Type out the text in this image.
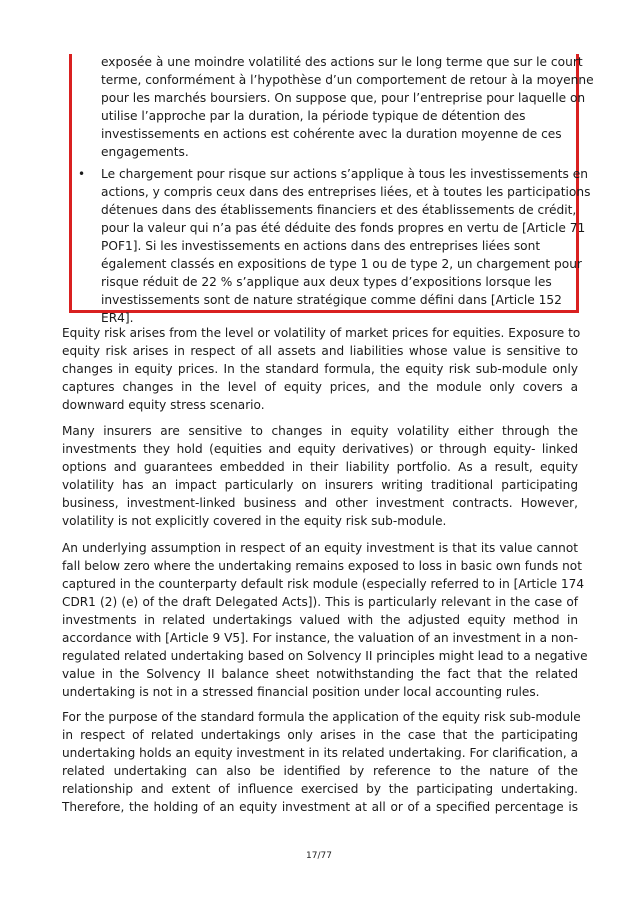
exposée à une moindre volatilité des actions sur le long terme que sur le court
terme, conformément à l’hypothèse d’un comportement de retour à la moyenne
pour les marchés boursiers. On suppose que, pour l’entreprise pour laquelle on
utilise l’approche par la duration, la période typique de détention des
investissements en actions est cohérente avec la duration moyenne de ces
engagements.
• Le chargement pour risque sur actions s’applique à tous les investissements en
actions, y compris ceux dans des entreprises liées, et à toutes les participations
détenues dans des établissements financiers et des établissements de crédit,
pour la valeur qui n’a pas été déduite des fonds propres en vertu de [Article 71
POF1]. Si les investissements en actions dans des entreprises liées sont
également classés en expositions de type 1 ou de type 2, un chargement pour
risque réduit de 22 % s’applique aux deux types d’expositions lorsque les
investissements sont de nature stratégique comme défini dans [Article 152
ER4].
Equity risk arises from the level or volatility of market prices for equities. Exposure to
equity risk arises in respect of all assets and liabilities whose value is sensitive to
changes in equity prices. In the standard formula, the equity risk sub-module only
captures changes in the level of equity prices, and the module only covers a
downward equity stress scenario.
Many insurers are sensitive to changes in equity volatility either through the
investments they hold (equities and equity derivatives) or through equity- linked
options and guarantees embedded in their liability portfolio. As a result, equity
volatility has an impact particularly on insurers writing traditional participating
business, investment-linked business and other investment contracts. However,
volatility is not explicitly covered in the equity risk sub-module.
An underlying assumption in respect of an equity investment is that its value cannot
fall below zero where the undertaking remains exposed to loss in basic own funds not
captured in the counterparty default risk module (especially referred to in [Article 174
CDR1 (2) (e) of the draft Delegated Acts]). This is particularly relevant in the case of
investments in related undertakings valued with the adjusted equity method in
accordance with [Article 9 V5]. For instance, the valuation of an investment in a non-
regulated related undertaking based on Solvency II principles might lead to a negative
value in the Solvency II balance sheet notwithstanding the fact that the related
undertaking is not in a stressed financial position under local accounting rules.
For the purpose of the standard formula the application of the equity risk sub-module
in respect of related undertakings only arises in the case that the participating
undertaking holds an equity investment in its related undertaking. For clarification, a
related undertaking can also be identified by reference to the nature of the
relationship and extent of influence exercised by the participating undertaking.
Therefore, the holding of an equity investment at all or of a specified percentage is
17/77
